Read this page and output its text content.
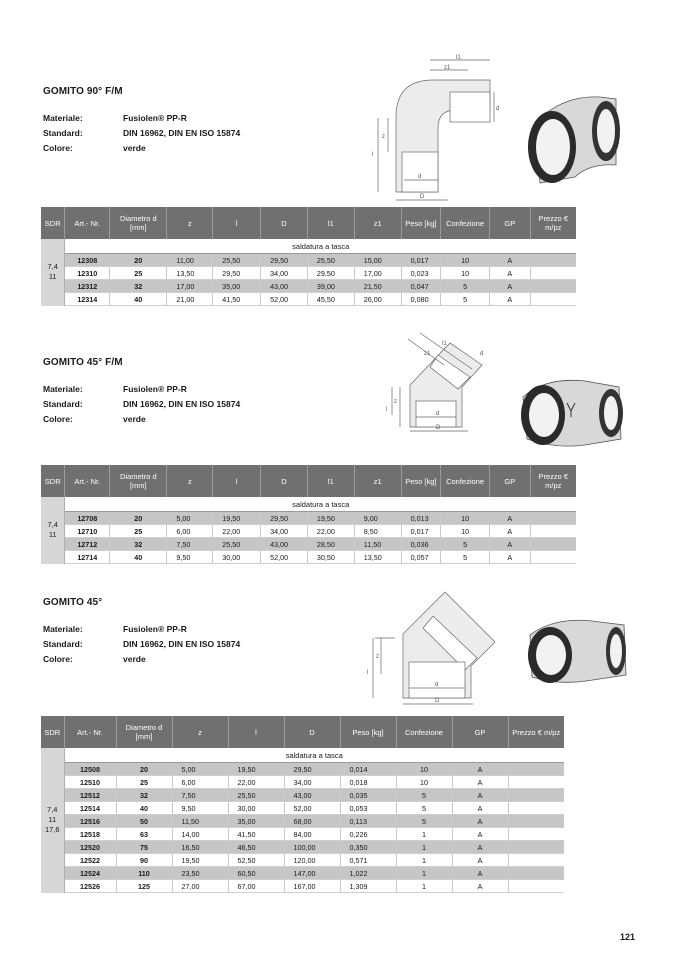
GOMITO 90° F/M
Materiale:	Fusiolen® PP-R
Standard:	DIN 16962, DIN EN ISO 15874
Colore:	verde
l1
z1
z
l
d
D
d
SDR	Art.- Nr.	Diametro d [mm]	z	l	D	l1	z1	Peso [kg]	Confezione	GP	Prezzo € m/pz
7,4
11	saldatura a tasca										
	12308	20	11,00	25,50	29,50	25,50	15,00	0,017	10	A	
	12310	25	13,50	29,50	34,00	29,50	17,00	0,023	10	A	
	12312	32	17,00	35,00	43,00	39,00	21,50	0,047	5	A	
	12314	40	21,00	41,50	52,00	45,50	26,00	0,080	5	A	
GOMITO 45° F/M
Materiale:	Fusiolen® PP-R
Standard:	DIN 16962, DIN EN ISO 15874
Colore:	verde
l1
z1	d
z
l
d
D
SDR	Art.- Nr.	Diametro d [mm]	z	l	D	l1	z1	Peso [kg]	Confezione	GP	Prezzo € m/pz
7,4
11	saldatura a tasca										
	12708	20	5,00	19,50	29,50	19,50	9,00	0,013	10	A	
	12710	25	6,00	22,00	34,00	22,00	8,50	0,017	10	A	
	12712	32	7,50	25,50	43,00	28,50	11,50	0,036	5	A	
	12714	40	9,50	30,00	52,00	30,50	13,50	0,057	5	A	
GOMITO 45°
Materiale:	Fusiolen® PP-R
Standard:	DIN 16962, DIN EN ISO 15874
Colore:	verde	z
l
d
D
SDR	Art.- Nr.	Diametro d [mm]	z	l	D	Peso [kg]	Confezione	GP	Prezzo € m/pz
7,4
11
17,6	saldatura a tasca								
	12508	20	5,00	19,50	29,50	0,014	10	A	
	12510	25	6,00	22,00	34,00	0,018	10	A	
	12512	32	7,50	25,50	43,00	0,035	5	A	
	12514	40	9,50	30,00	52,00	0,053	5	A	
	12516	50	11,50	35,00	68,00	0,113	5	A	
	12518	63	14,00	41,50	84,00	0,226	1	A	
	12520	75	16,50	46,50	100,00	0,350	1	A	
	12522	90	19,50	52,50	120,00	0,571	1	A	
	12524	110	23,50	60,50	147,00	1,022	1	A	
	12526	125	27,00	67,00	167,00	1,309	1	A	
121
